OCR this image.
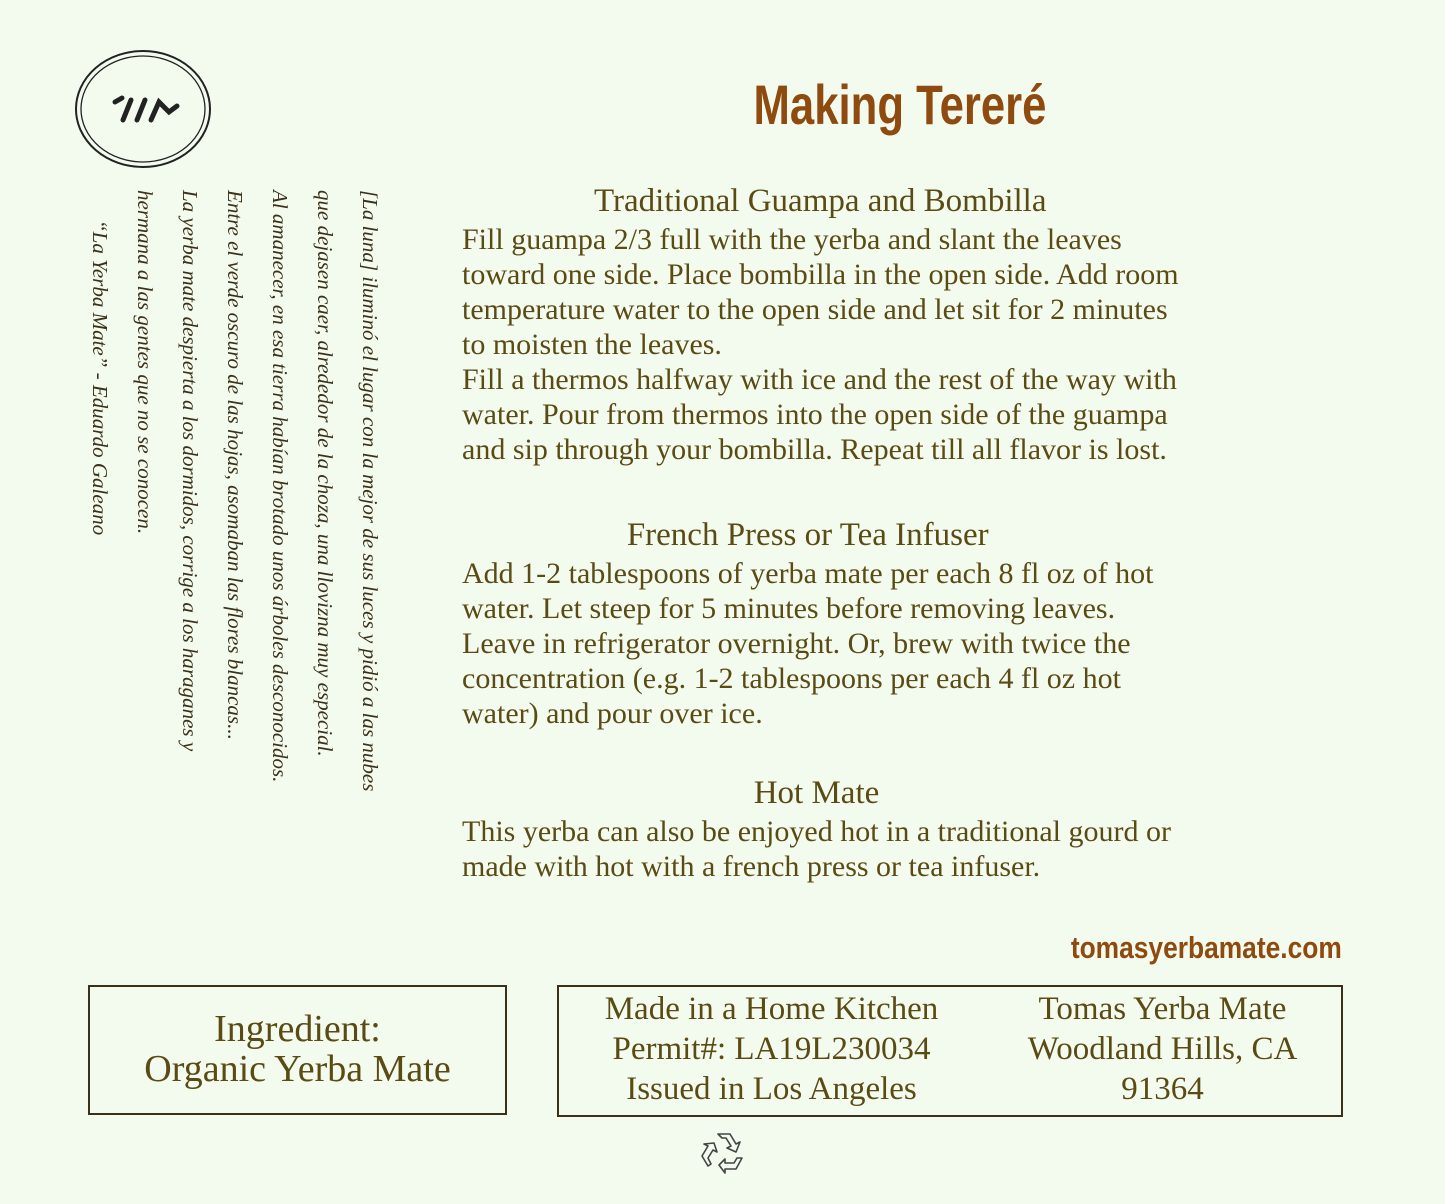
Making Tereré
Traditional Guampa and Bombilla

Fill guampa 2/3 full with the yerba and slant the leaves
toward one side. Place bombilla in the open side. Add room
temperature water to the open side and let sit for 2 minutes
to moisten the leaves.
Fill a thermos halfway with ice and the rest of the way with
water. Pour from thermos into the open side of the guampa
and sip through your bombilla. Repeat till all flavor is lost.

French Press or Tea Infuser

Add 1-2 tablespoons of yerba mate per each 8 fl oz of hot
water. Let steep for 5 minutes before removing leaves.
Leave in refrigerator overnight. Or, brew with twice the
concentration (e.g. 1-2 tablespoons per each 4 fl oz hot
water) and pour over ice.

Hot Mate

This yerba can also be enjoyed hot in a traditional gourd or
made with hot with a french press or tea infuser.

tomasyerbamate.com
[La luna] iluminó el lugar con la mejor de sus luces y pidió a las nubes
que dejasen caer, alrededor de la choza, una llovizna muy especial.
Al amanecer, en esa tierra habían brotado unos árboles desconocidos.
Entre el verde oscuro de las hojas, asomaban las flores blancas...
La yerba mate despierta a los dormidos, corrige a los haraganes y
hermana a las gentes que no se conocen.

“La Yerba Mate” - Eduardo Galeano
Ingredient:
Organic Yerba Mate
Made in a Home Kitchen
Permit#: LA19L230034
Issued in Los Angeles
Tomas Yerba Mate
Woodland Hills, CA
91364
